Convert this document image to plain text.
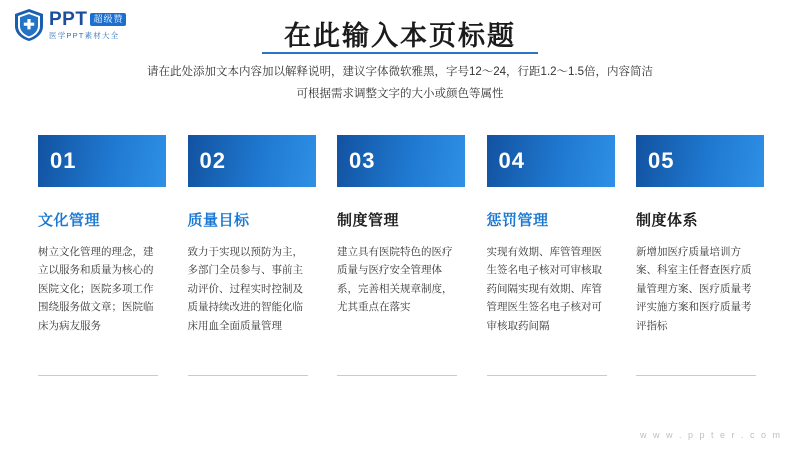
PPT 超级赞
医学PPT素材大全	在此输入本页标题
请在此处添加文本内容加以解释说明，建议字体微软雅黑，字号12～24，行距1.2～1.5倍，内容简洁
可根据需求调整文字的大小或颜色等属性
01
文化管理
树立文化管理的理念，建立以服务和质量为核心的医院文化；医院多项工作围绕服务做文章；医院临床为病友服务
02
质量目标
致力于实现以预防为主，多部门全员参与、事前主动评价、过程实时控制及质量持续改进的智能化临床用血全面质量管理
03
制度管理
建立具有医院特色的医疗质量与医疗安全管理体系，完善相关规章制度，尤其重点在落实
04
惩罚管理
实现有效期、库管管理医生签名电子核对可审核取药间隔实现有效期、库管管理医生签名电子核对可审核取药间隔
05
制度体系
新增加医疗质量培训方案、科室主任督查医疗质量管理方案、医疗质量考评实施方案和医疗质量考评指标
w w w . p p t e r . c o m
